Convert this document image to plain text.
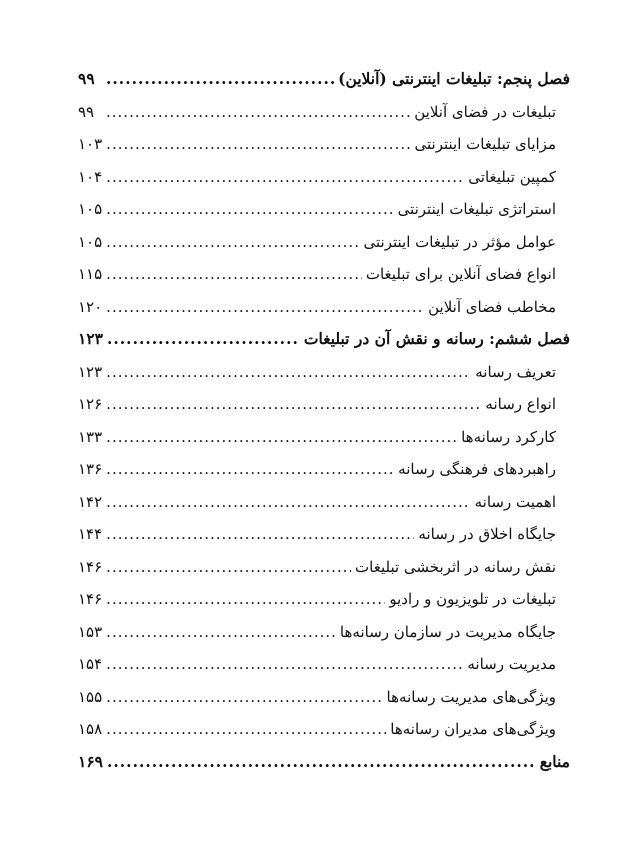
فصل پنجم: تبلیغات اینترنتی (آنلاین)
.....
۹۹
تبلیغات در فضای آنلاین
.....
۹۹
مزایای تبلیغات اینترنتی
.....
۱۰۳
کمپین تبلیغاتی
.....
۱۰۴
استراتژی تبلیغات اینترنتی
.....
۱۰۵
عوامل مؤثر در تبلیغات اینترنتی
.....
۱۰۵
انواع فضای آنلاین برای تبلیغات
.....
۱۱۵
مخاطب فضای آنلاین
.....
۱۲۰
فصل ششم: رسانه و نقش آن در تبلیغات
.....
۱۲۳
تعریف رسانه
.....
۱۲۳
انواع رسانه
.....
۱۲۶
کارکرد رسانه‌ها
.....
۱۳۳
راهبردهای فرهنگی رسانه
.....
۱۳۶
اهمیت رسانه
.....
۱۴۲
جایگاه اخلاق در رسانه
.....
۱۴۴
نقش رسانه در اثربخشی تبلیغات
.....
۱۴۶
تبلیغات در تلویزیون و رادیو
.....
۱۴۶
جایگاه مدیریت در سازمان رسانه‌ها
.....
۱۵۳
مدیریت رسانه
.....
۱۵۴
ویژگی‌های مدیریت رسانه‌ها
.....
۱۵۵
ویژگی‌های مدیران رسانه‌ها
.....
۱۵۸
منابع
.....
۱۶۹
